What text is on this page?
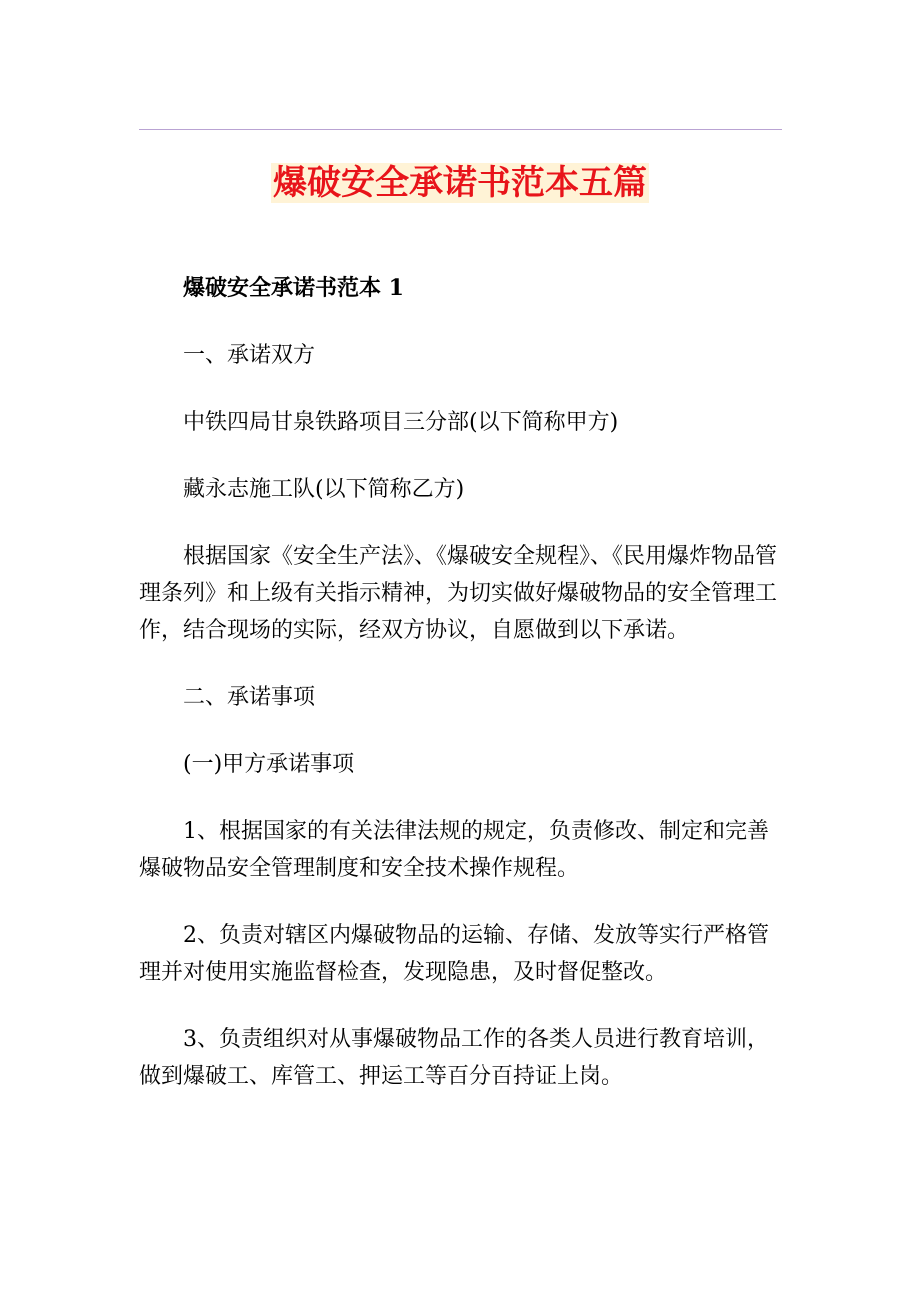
爆破安全承诺书范本五篇

爆破安全承诺书范本 1

一、承诺双方

中铁四局甘泉铁路项目三分部(以下简称甲方)

藏永志施工队(以下简称乙方)

根据国家《安全生产法》、《爆破安全规程》、《民用爆炸物品管理条列》和上级有关指示精神，为切实做好爆破物品的安全管理工作，结合现场的实际，经双方协议，自愿做到以下承诺。

二、承诺事项

(一)甲方承诺事项

1、根据国家的有关法律法规的规定，负责修改、制定和完善爆破物品安全管理制度和安全技术操作规程。

2、负责对辖区内爆破物品的运输、存储、发放等实行严格管理并对使用实施监督检查，发现隐患，及时督促整改。

3、负责组织对从事爆破物品工作的各类人员进行教育培训，做到爆破工、库管工、押运工等百分百持证上岗。
